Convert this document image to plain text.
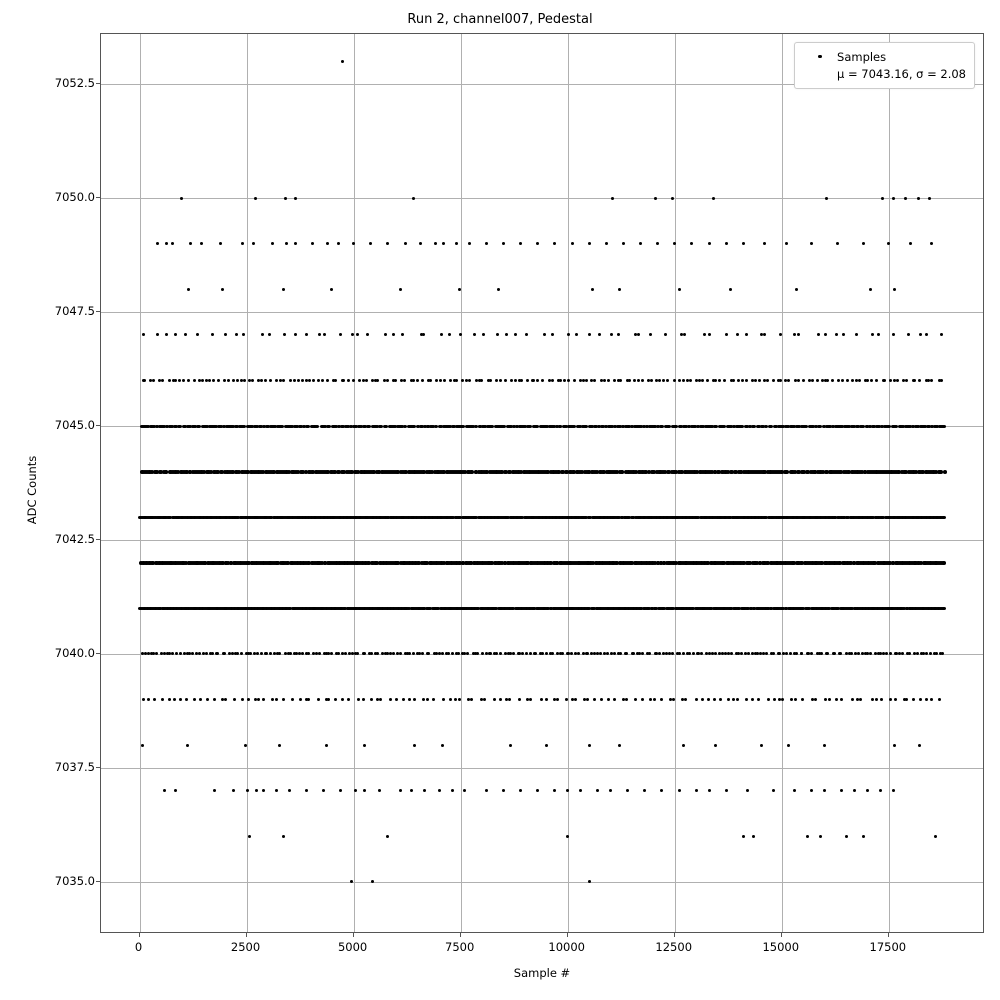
Run 2, channel007, Pedestal
ADC Counts
Sample #
7035.0
7037.5
7040.0
7042.5
7045.0
7047.5
7050.0
7052.5
0	2500	5000	7500	10000	12500	15000	17500
Samples
μ = 7043.16, σ = 2.08
